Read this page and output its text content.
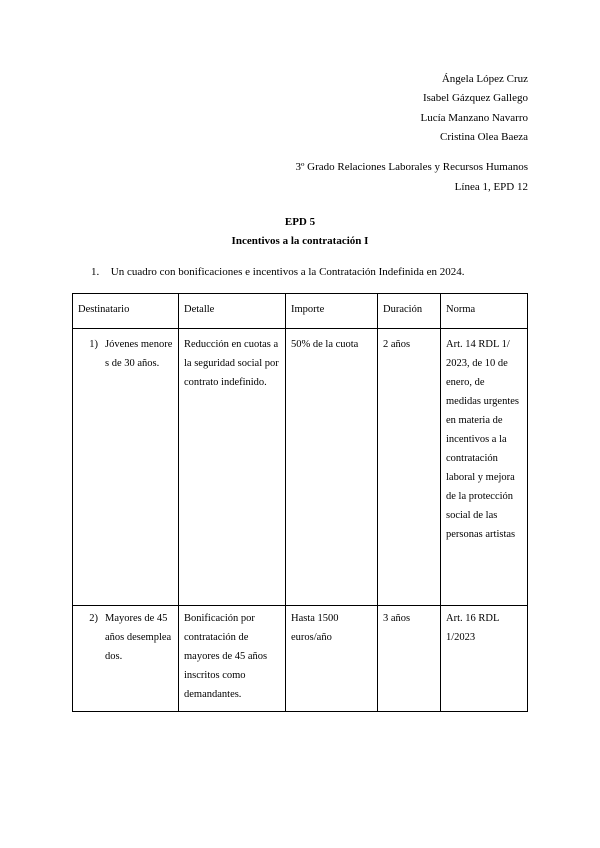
Ángela López Cruz
Isabel Gázquez Gallego
Lucía Manzano Navarro
Cristina Olea Baeza
3º Grado Relaciones Laborales y Recursos Humanos
Línea 1, EPD 12
EPD 5
Incentivos a la contratación I
1. Un cuadro con bonificaciones e incentivos a la Contratación Indefinida en 2024.
Destinatario	Detalle	Importe	Duración	Norma

1) Jóvenes menores de 30 años.	Reducción en cuotas a la seguridad social por contrato indefinido.	50% de la cuota	2 años	Art. 14 RDL 1/ 2023, de 10 de enero, de medidas urgentes en materia de incentivos a la contratación laboral y mejora de la protección social de las personas artistas

2) Mayores de 45 años desempleados.	Bonificación por contratación de mayores de 45 años inscritos como demandantes.	Hasta 1500 euros/año	3 años	Art. 16 RDL 1/2023
